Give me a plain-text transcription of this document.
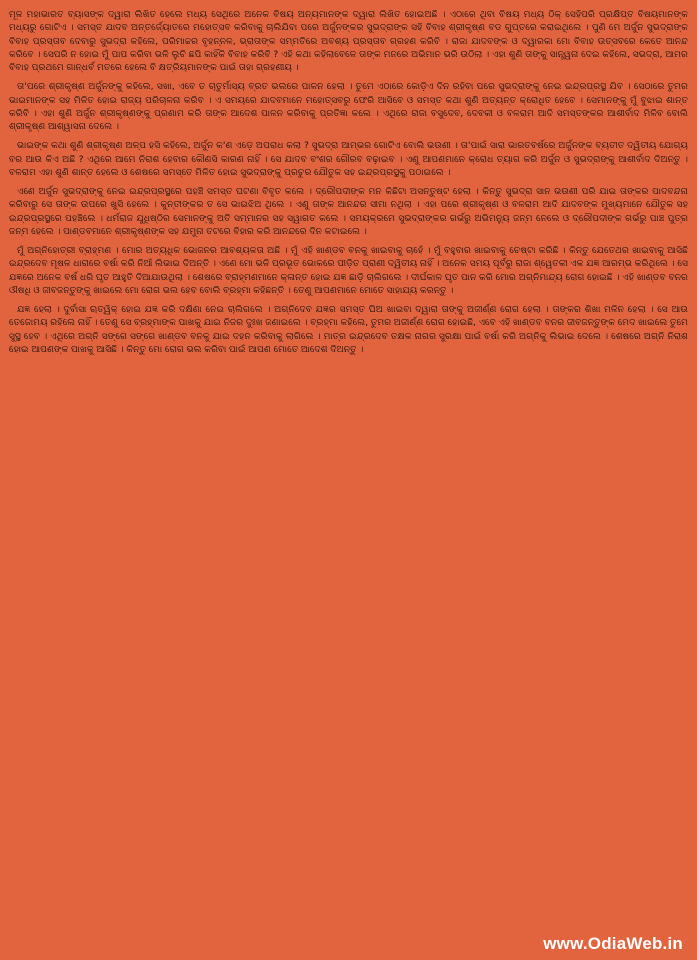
ମୂଳ ମହାଭାରତ ବ୍ୟାସଙ୍କ ଦ୍ୱାରା ଲିଖିତ ହେଲେ ମଧ୍ୟ ସେଥିରେ ଅନେକ ବିଷୟ ଅନ୍ୟମାନଙ୍କ ଦ୍ୱାରା ଲିଖିତ ହୋଇଅଛି । ଏଠାରେ ଥିବା ବିଷୟ ମଧ୍ୟ ଠିକ୍ ସେହିପରି ପ୍ରକ୍ଷିପ୍ତ ବିଷୟମାନଙ୍କ ମଧ୍ୟରୁ ଗୋଟିଏ । ସମସ୍ତ ଯାଦବ ଅନ୍ତର୍ଜ୍ୟୋତରେ ମହୋତ୍ସବ କରିବାକୁ ଚାଲିଯିବା ପରେ ଅର୍ଜୁନଙ୍କର ସୁଭଦ୍ରାଙ୍କ ସହି ବିବାହ ଶ୍ରୀକୃଷ୍ଣ ବଡ ଗୁପ୍ତରେ କରାଇଥିଲେ । ପୁଣି ମେ ଅର୍ଜୁନ ସୁଭଦ୍ରାଙ୍କ ବିବାହ ପ୍ରସ୍ତାବ ଦେବାରୁ ସୁଭଦ୍ରା କହିଲେ, ପରିମାଚ୍ଚର ବୃହନ୍ନଳ, ଭ୍ରାତାଙ୍କ ସମ୍ମତିରେ ଅବଶ୍ୟ ପ୍ରସ୍ତାବ ଗ୍ରହଣ କରିବି । ରାଜା ଯାଦବଙ୍କ ଓ ଦ୍ୱାରକା ମୋ ବିବାହ ଉତ୍ସବରେ କେତେ ଆନନ୍ଦ କରିବେ । ସେପରି ନ ହୋଇ ମୁଁ ପାପ କରିବା ଭଳି ଲୁଚି ଛପି କାହିଁକି ବିବାହ କରିବି ? ଏହି କଥା କହିଲାବେଳେ ତାଙ୍କ ମନରେ ଅଭିମାନ ଭରି ଉଠିଲା । ଏହା ଶୁଣି ତାଙ୍କୁ ସାନ୍ତ୍ୱନା ଦେଇ କହିଲେ, ସଭଦ୍ରା, ଆମର ବିବାହ ପ୍ରଥମେ ଗାନ୍ଧର୍ବ ମତରେ ହେଲେ ବି କ୍ଷତ୍ରିୟମାନଙ୍କ ପାଇଁ ତାହା ଗ୍ରହଣୀୟ ।

ତା'ପରେ ଶ୍ରୀକୃଷ୍ଣ ଅର୍ଜୁନଙ୍କୁ କହିଲେ, ସଖା, ଏବେ ତ ଚାତୁର୍ମାସ୍ୟ ବ୍ରତ ଭଲରେ ପାଳନ ହେଲା । ତୁମେ ଏଠାରେ କୋଡ଼ିଏ ଦିନ ରହିବା ପରେ ସୁଭଦ୍ରାଙ୍କୁ ନେଇ ଇନ୍ଦ୍ରପ୍ରସ୍ଥ ଯିବ । ସେଠାରେ ତୁମର ଭାଇମାନଙ୍କ ସହ ମିଳିତ ହୋଇ ରାଜ୍ୟ ପରିଚାଳନା କରିବ । ଏ ସମୟରେ ଯାଦବମାନେ ମହୋତ୍ସବରୁ ଫେରି ଆସିବେ ଓ ସମସ୍ତ କଥା ଶୁଣି ଅତ୍ୟନ୍ତ କ୍ରୋଧିତ ହେବେ । ସେମାନଙ୍କୁ ମୁଁ ବୁଝାଇ ଶାନ୍ତ କରିବି । ଏହା ଶୁଣି ଅର୍ଜୁନ ଶ୍ରୀକୃଷ୍ଣଙ୍କୁ ପ୍ରଣାମ କରି ତାଙ୍କ ଆଦେଶ ପାଳନ କରିବାକୁ ପ୍ରତିଜ୍ଞା କଲେ । ଏଥିରେ ରାଜା ବସୁଦେବ, ଦେବକୀ ଓ ବଳରାମ ଆଦି ସମସ୍ତଙ୍କର ଆଶୀର୍ବାଦ ମିଳିବ ବୋଲି ଶ୍ରୀକୃଷ୍ଣ ଆଶ୍ୱାସନା ଦେଲେ ।

ଭାଇଙ୍କ କଥା ଶୁଣି ଶ୍ରୀକୃଷ୍ଣ ଅଳ୍ପ ହସି କହିଲେ, ଅର୍ଜୁନ କ'ଣ ଏଡ଼େ ଅପରାଧ କଲା ? ସୁଭଦ୍ରା ଆମ୍ଭର ଗୋଟିଏ ବୋଲି ଭଉଣୀ । ତା'ପାଇଁ ସାରା ଭାରତବର୍ଷରେ ଅର୍ଜୁନଙ୍କ ବ୍ୟତୀତ ଦ୍ୱିତୀୟ ଯୋଗ୍ୟ ବର ଆଉ କିଏ ଅଛି ? ଏଥିରେ ଆମେ ନିରାଶ ହେବାର କୌଣସି କାରଣ ନାହିଁ । ସେ ଯାଦବ ବଂଶର ଗୌରବ ବଢ଼ାଇବ । ଏଣୁ ଆପଣମାନେ କ୍ରୋଧ ତ୍ୟାଗ କରି ଅର୍ଜୁନ ଓ ସୁଭଦ୍ରାଙ୍କୁ ଆଶୀର୍ବାଦ ଦିଅନ୍ତୁ । ବଳରାମ ଏହା ଶୁଣି ଶାନ୍ତ ହେଲେ ଓ ଶେଷରେ ସମସ୍ତେ ମିଳିତ ହୋଇ ସୁଭଦ୍ରାଙ୍କୁ ପ୍ରଚୁର ଯୌତୁକ ସହ ଇନ୍ଦ୍ରପ୍ରସ୍ଥକୁ ପଠାଇଲେ ।

ଏଣେ ଅର୍ଜୁନ ସୁଭଦ୍ରାଙ୍କୁ ନେଇ ଇନ୍ଦ୍ରପ୍ରସ୍ଥରେ ପହଞ୍ଚି ସମସ୍ତ ଘଟଣା ବିବୃତ କଲେ । ଦ୍ରୌପଦୀଙ୍କ ମନ କିଛିଟା ଅସନ୍ତୁଷ୍ଟ ହେଲା । କିନ୍ତୁ ସୁଭଦ୍ରା ସାନ ଭଉଣୀ ପରି ଯାଇ ତାଙ୍କର ପାଦବନ୍ଦନା କରିବାରୁ ସେ ତାଙ୍କ ଉପରେ ଖୁସି ହେଲେ । କୁନ୍ତୀଙ୍କର ତ ସେ ଭାଇଝିଅ ଥିଲେ । ଏଣୁ ତାଙ୍କ ଆନନ୍ଦର ସୀମା ନଥିଲା । ଏହା ପରେ ଶ୍ରୀକୃଷ୍ଣ ଓ ବଳରାମ ଆଦି ଯାଦବଙ୍କ ମୁଖ୍ୟମାନେ ଯୌତୁକ ସହ ଇନ୍ଦ୍ରପ୍ରସ୍ଥରେ ପହଞ୍ଚିଲେ । ଧର୍ମରାଜ ଯୁଧିଷ୍ଠିର ସେମାନଙ୍କୁ ଅତି ସମ୍ମାନର ସହ ସ୍ୱାଗତ କଲେ । ସମୟକ୍ରମେ ସୁଭଦ୍ରାଙ୍କର ଗର୍ଭରୁ ଅଭିମନ୍ୟୁ ଜନ୍ମ ନେଲେ ଓ ଦ୍ରୌପଦୀଙ୍କ ଗର୍ଭରୁ ପାଞ୍ଚ ପୁତ୍ର ଜନ୍ମ ହେଲେ । ପାଣ୍ଡବମାନେ ଶ୍ରୀକୃଷ୍ଣଙ୍କ ସହ ଯମୁନା ତଟରେ ବିହାର କରି ଆନନ୍ଦରେ ଦିନ କଟାଇଲେ ।

ମୁଁ ଅଗ୍ନିହୋତ୍ରୀ ବ୍ରାହ୍ମଣ । ମୋର ଅତ୍ୟଧିକ ଭୋଜନର ଆବଶ୍ୟକତା ଅଛି । ମୁଁ ଏହି ଖାଣ୍ଡବ ବନକୁ ଖାଇବାକୁ ଚାହେଁ । ମୁଁ ବହୁବାର ଖାଇବାକୁ ଚେଷ୍ଟା କରିଛି । କିନ୍ତୁ ଯେତେଥର ଖାଇବାକୁ ଆସିଛି ଇନ୍ଦ୍ରଦେବ ମୂଷଳ ଧାରାରେ ବର୍ଷା କରି ନିଆଁ ଲିଭାଇ ଦିଅନ୍ତି । ଏଣେ ମୋ ଭଳି ପ୍ରଭୂତ ଭୋକରେ ପୀଡ଼ିତ ପ୍ରାଣୀ ଦ୍ୱିତୀୟ ନାହିଁ । ଅନେକ ସମୟ ପୂର୍ବରୁ ରାଜା ଶ୍ୱେତକୀ ଏକ ଯଜ୍ଞ ଆରମ୍ଭ କରିଥିଲେ । ସେ ଯଜ୍ଞରେ ଅନେକ ବର୍ଷ ଧରି ଘୃତ ଆହୁତି ଦିଆଯାଉଥିଲା । ଶେଷରେ ବ୍ରାହ୍ମଣମାନେ କ୍ଳାନ୍ତ ହୋଇ ଯଜ୍ଞ ଛାଡ଼ି ଚାଲିଗଲେ । ଦୀର୍ଘକାଳ ଘୃତ ପାନ କରି ମୋର ଅଗ୍ନିମାନ୍ଦ୍ୟ ରୋଗ ହୋଇଛି । ଏହି ଖାଣ୍ଡବ ବନର ଔଷଧି ଓ ଜୀବଜନ୍ତୁଙ୍କୁ ଖାଇଲେ ମୋ ରୋଗ ଭଲ ହେବ ବୋଲି ବ୍ରହ୍ମା କହିଛନ୍ତି । ତେଣୁ ଆପଣମାନେ ମୋତେ ସାହାଯ୍ୟ କରନ୍ତୁ ।

ଯଜ୍ଞ ହେଲା । ଦୁର୍ବାସା ଋତ୍ୱିକ୍ ହୋଇ ଯଜ୍ଞ କରି ଦକ୍ଷିଣା ନେଇ ଚାଲିଗଲେ । ଅଗ୍ନିଦେବ ଯଜ୍ଞର ସମସ୍ତ ଘିଅ ଖାଇବା ଦ୍ୱାରା ତାଙ୍କୁ ଅଜୀର୍ଣ୍ଣ ରୋଗ ହେଲା । ତାଙ୍କର ଶିଖା ମଳିନ ହେଲା । ସେ ଆଉ ତେଜୋମୟ ରହିଲେ ନାହିଁ । ତେଣୁ ସେ ବ୍ରହ୍ମାଙ୍କ ପାଖକୁ ଯାଇ ନିଜର ଦୁଃଖ ଜଣାଇଲେ । ବ୍ରହ୍ମା କହିଲେ, ତୁମର ଅଜୀର୍ଣ୍ଣ ରୋଗ ହୋଇଛି, ଏବେ ଏହି ଖାଣ୍ଡବ ବନର ଜୀବଜନ୍ତୁଙ୍କ ମେଦ ଖାଇଲେ ତୁମେ ସୁସ୍ଥ ହେବ । ଏଥିରେ ଅଗ୍ନି ସଙ୍ଗେ ସଙ୍ଗେ ଖାଣ୍ଡବ ବନକୁ ଯାଇ ଦହନ କରିବାକୁ ଲାଗିଲେ । ମାତ୍ର ଇନ୍ଦ୍ରଦେବ ତକ୍ଷକ ନାଗର ସୁରକ୍ଷା ପାଇଁ ବର୍ଷା କରି ଅଗ୍ନିକୁ ଲିଭାଇ ଦେଲେ । ଶେଷରେ ଅଗ୍ନି ନିରାଶ ହୋଇ ଆପଣଙ୍କ ପାଖକୁ ଆସିଛି । କିନ୍ତୁ ମୋ ରୋଗ ଭଲ କରିବା ପାଇଁ ଆପଣ ମୋତେ ଆଦେଶ ଦିଅନ୍ତୁ ।

www.OdiaWeb.in
